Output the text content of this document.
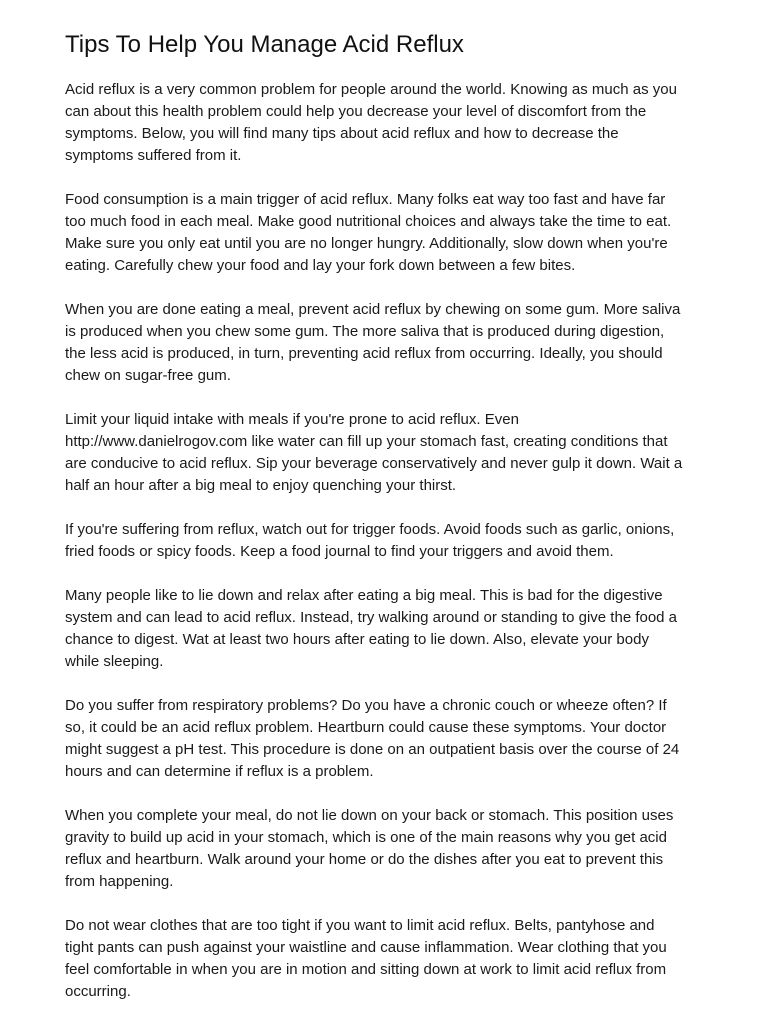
Tips To Help You Manage Acid Reflux

Acid reflux is a very common problem for people around the world. Knowing as much as you
can about this health problem could help you decrease your level of discomfort from the
symptoms. Below, you will find many tips about acid reflux and how to decrease the
symptoms suffered from it.

Food consumption is a main trigger of acid reflux. Many folks eat way too fast and have far
too much food in each meal. Make good nutritional choices and always take the time to eat.
Make sure you only eat until you are no longer hungry. Additionally, slow down when you're
eating. Carefully chew your food and lay your fork down between a few bites.

When you are done eating a meal, prevent acid reflux by chewing on some gum. More saliva
is produced when you chew some gum. The more saliva that is produced during digestion,
the less acid is produced, in turn, preventing acid reflux from occurring. Ideally, you should
chew on sugar-free gum.

Limit your liquid intake with meals if you're prone to acid reflux. Even
http://www.danielrogov.com like water can fill up your stomach fast, creating conditions that
are conducive to acid reflux. Sip your beverage conservatively and never gulp it down. Wait a
half an hour after a big meal to enjoy quenching your thirst.

If you're suffering from reflux, watch out for trigger foods. Avoid foods such as garlic, onions,
fried foods or spicy foods. Keep a food journal to find your triggers and avoid them.

Many people like to lie down and relax after eating a big meal. This is bad for the digestive
system and can lead to acid reflux. Instead, try walking around or standing to give the food a
chance to digest. Wat at least two hours after eating to lie down. Also, elevate your body
while sleeping.

Do you suffer from respiratory problems? Do you have a chronic couch or wheeze often? If
so, it could be an acid reflux problem. Heartburn could cause these symptoms. Your doctor
might suggest a pH test. This procedure is done on an outpatient basis over the course of 24
hours and can determine if reflux is a problem.

When you complete your meal, do not lie down on your back or stomach. This position uses
gravity to build up acid in your stomach, which is one of the main reasons why you get acid
reflux and heartburn. Walk around your home or do the dishes after you eat to prevent this
from happening.

Do not wear clothes that are too tight if you want to limit acid reflux. Belts, pantyhose and
tight pants can push against your waistline and cause inflammation. Wear clothing that you
feel comfortable in when you are in motion and sitting down at work to limit acid reflux from
occurring.
